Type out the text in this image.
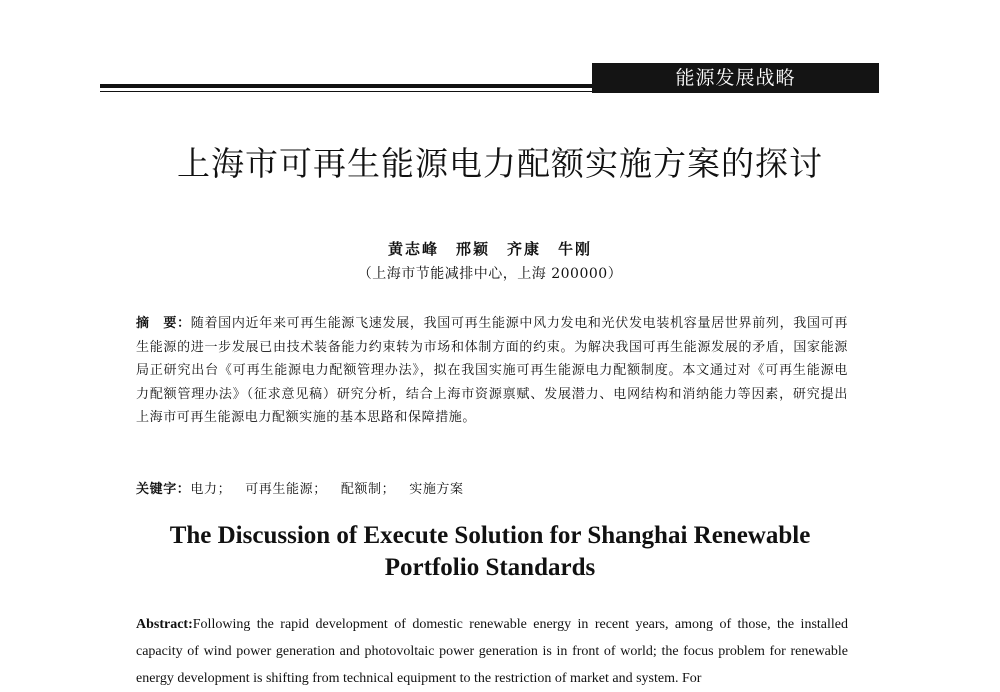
能源发展战略
上海市可再生能源电力配额实施方案的探讨
黄志峰　邢颖　齐康　牛刚
（上海市节能减排中心，上海 200000）
摘　要：随着国内近年来可再生能源飞速发展，我国可再生能源中风力发电和光伏发电装机容量居世界前列，我国可再生能源的进一步发展已由技术装备能力约束转为市场和体制方面的约束。为解决我国可再生能源发展的矛盾，国家能源局正研究出台《可再生能源电力配额管理办法》，拟在我国实施可再生能源电力配额制度。本文通过对《可再生能源电力配额管理办法》（征求意见稿）研究分析，结合上海市资源禀赋、发展潜力、电网结构和消纳能力等因素，研究提出上海市可再生能源电力配额实施的基本思路和保障措施。
关键字：电力； 可再生能源； 配额制； 实施方案
The Discussion of Execute Solution for Shanghai Renewable
Portfolio Standards
Abstract:Following the rapid development of domestic renewable energy in recent years, among of those, the installed capacity of wind power generation and photovoltaic power generation is in front of world; the focus problem for renewable energy development is shifting from technical equipment to the restriction of market and system. For
